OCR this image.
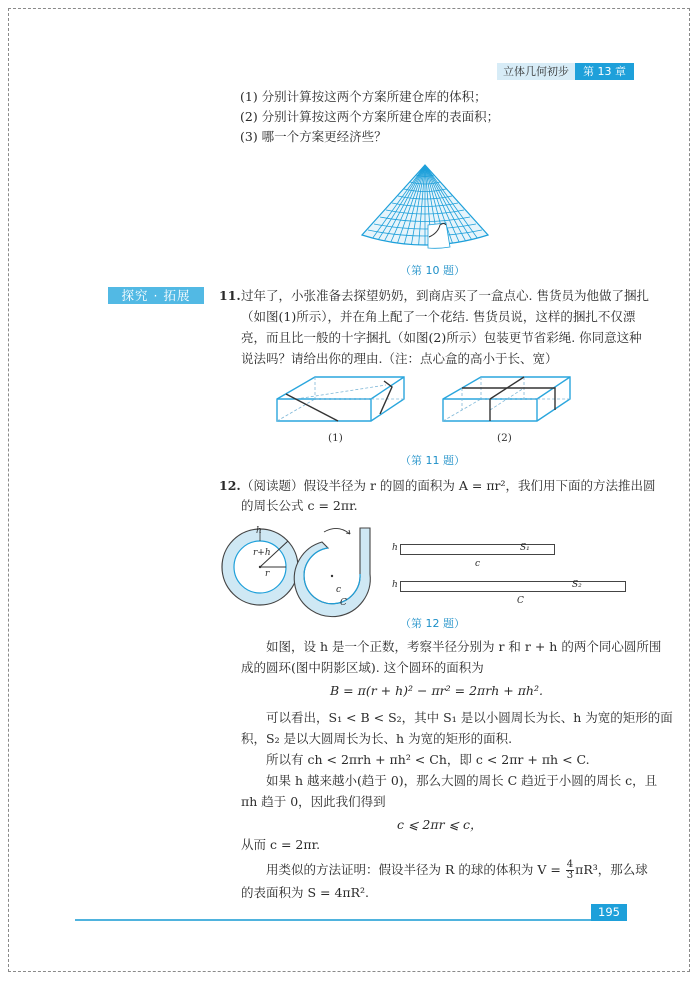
立体几何初步	第 13 章
(1) 分别计算按这两个方案所建仓库的体积；
(2) 分别计算按这两个方案所建仓库的表面积；
(3) 哪一个方案更经济些？
（第 10 题）
探究 · 拓展	11. 过年了，小张准备去探望奶奶，到商店买了一盒点心. 售货员为他做了捆扎
（如图(1)所示），并在角上配了一个花结. 售货员说，这样的捆扎不仅漂
亮，而且比一般的十字捆扎（如图(2)所示）包装更节省彩绳. 你同意这种
说法吗？请给出你的理由.（注：点心盒的高小于长、宽）
(1)	(2)
（第 11 题）
12. （阅读题）假设半径为 r 的圆的面积为 A = πr²，我们用下面的方法推出圆
的周长公式 c = 2πr.
h
r+h
r
c
C
h	S₁
c
h	S₂
C
（第 12 题）
如图，设 h 是一个正数，考察半径分别为 r 和 r + h 的两个同心圆所围
成的圆环(图中阴影区域). 这个圆环的面积为
B = π(r + h)² − πr² = 2πrh + πh².
可以看出，S₁ < B < S₂，其中 S₁ 是以小圆周长为长、h 为宽的矩形的面
积，S₂ 是以大圆周长为长、h 为宽的矩形的面积.
所以有 ch < 2πrh + πh² < Ch，即 c < 2πr + πh < C.
如果 h 越来越小(趋于 0)，那么大圆的周长 C 趋近于小圆的周长 c，且
πh 趋于 0，因此我们得到
c ⩽ 2πr ⩽ c，
从而 c = 2πr.
用类似的方法证明：假设半径为 R 的球的体积为 $V = \frac{4}{3} \pi R^3$，那么球
的表面积为 S = 4πR².
195
